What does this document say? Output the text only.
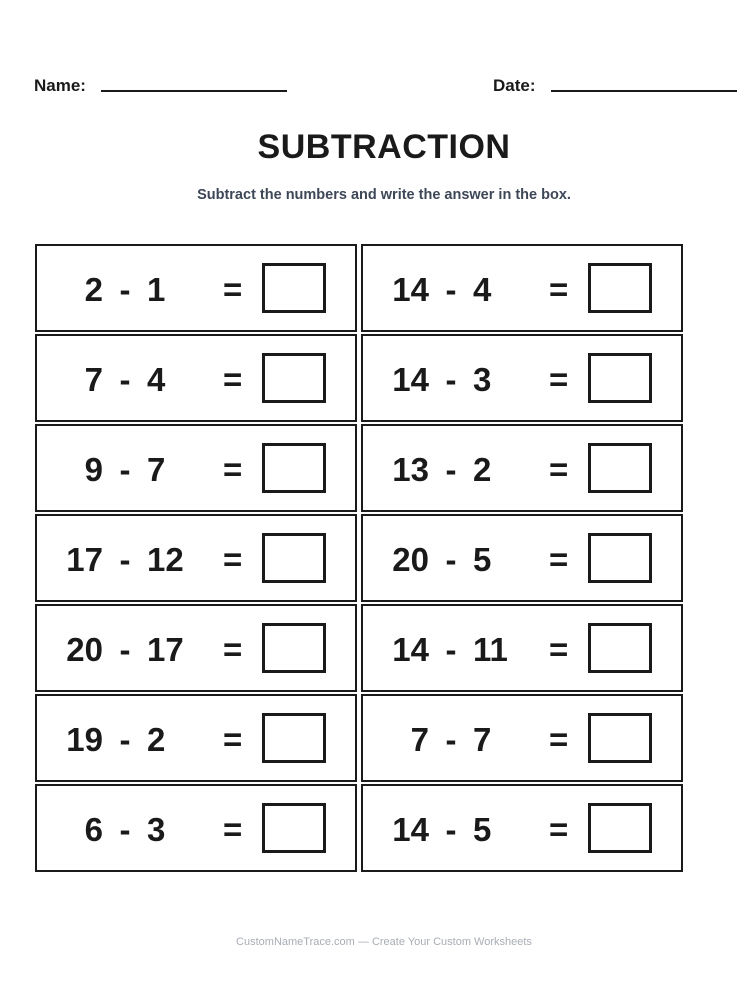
Name:	Date:
SUBTRACTION
Subtract the numbers and write the answer in the box.
2 - 1	=	14 - 4	=
7 - 4	=	14 - 3	=
9 - 7	=	13 - 2	=
17 - 12	=	20 - 5	=
20 - 17	=	14 - 11	=
19 - 2	=	7 - 7	=
6 - 3	=	14 - 5	=
CustomNameTrace.com — Create Your Custom Worksheets
